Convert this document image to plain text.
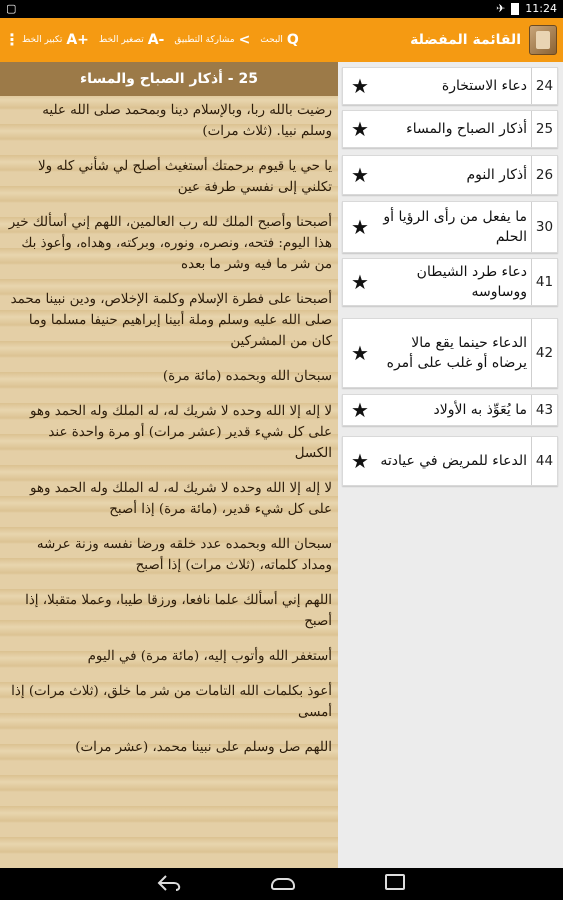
▢	✈ 11:24
⋮ تكبير الخط A+ تصغير الخط A- مشاركة التطبيق < البحث Q	القائمة المفضلة
25 - أذكار الصباح والمساء

رضيت بالله ربا، وبالإسلام دينا وبمحمد صلى الله عليه وسلم نبيا. (ثلاث مرات)

يا حي يا قيوم برحمتك أستغيث أصلح لي شأني كله ولا تكلني إلى نفسي طرفة عين

أصبحنا وأصبح الملك لله رب العالمين، اللهم إني أسألك خير هذا اليوم: فتحه، ونصره، ونوره، وبركته، وهداه، وأعوذ بك من شر ما فيه وشر ما بعده

أصبحنا على فطرة الإسلام وكلمة الإخلاص، ودين نبينا محمد صلى الله عليه وسلم وملة أبينا إبراهيم حنيفا مسلما وما كان من المشركين

سبحان الله وبحمده (مائة مرة)

لا إله إلا الله وحده لا شريك له، له الملك وله الحمد وهو على كل شيء قدير (عشر مرات) أو مرة واحدة عند الكسل

لا إله إلا الله وحده لا شريك له، له الملك وله الحمد وهو على كل شيء قدير، (مائة مرة) إذا أصبح

سبحان الله وبحمده عدد خلقه ورضا نفسه وزنة عرشه ومداد كلماته، (ثلاث مرات) إذا أصبح

اللهم إني أسألك علما نافعا، ورزقا طيبا، وعملا متقبلا، إذا أصبح

أستغفر الله وأتوب إليه، (مائة مرة) في اليوم

أعوذ بكلمات الله التامات من شر ما خلق، (ثلاث مرات) إذا أمسى

اللهم صل وسلم على نبينا محمد، (عشر مرات)

24
دعاء الاستخارة
★
25
أذكار الصباح والمساء
★
26
أذكار النوم
★
30
ما يفعل من رأى الرؤيا أو الحلم
★
41
دعاء طرد الشيطان ووساوسه
★
42
الدعاء حينما يقع مالا يرضاه أو غلب على أمره
★
43
ما يُعَوِّذ به الأولاد
★
44
الدعاء للمريض في عيادته
★
